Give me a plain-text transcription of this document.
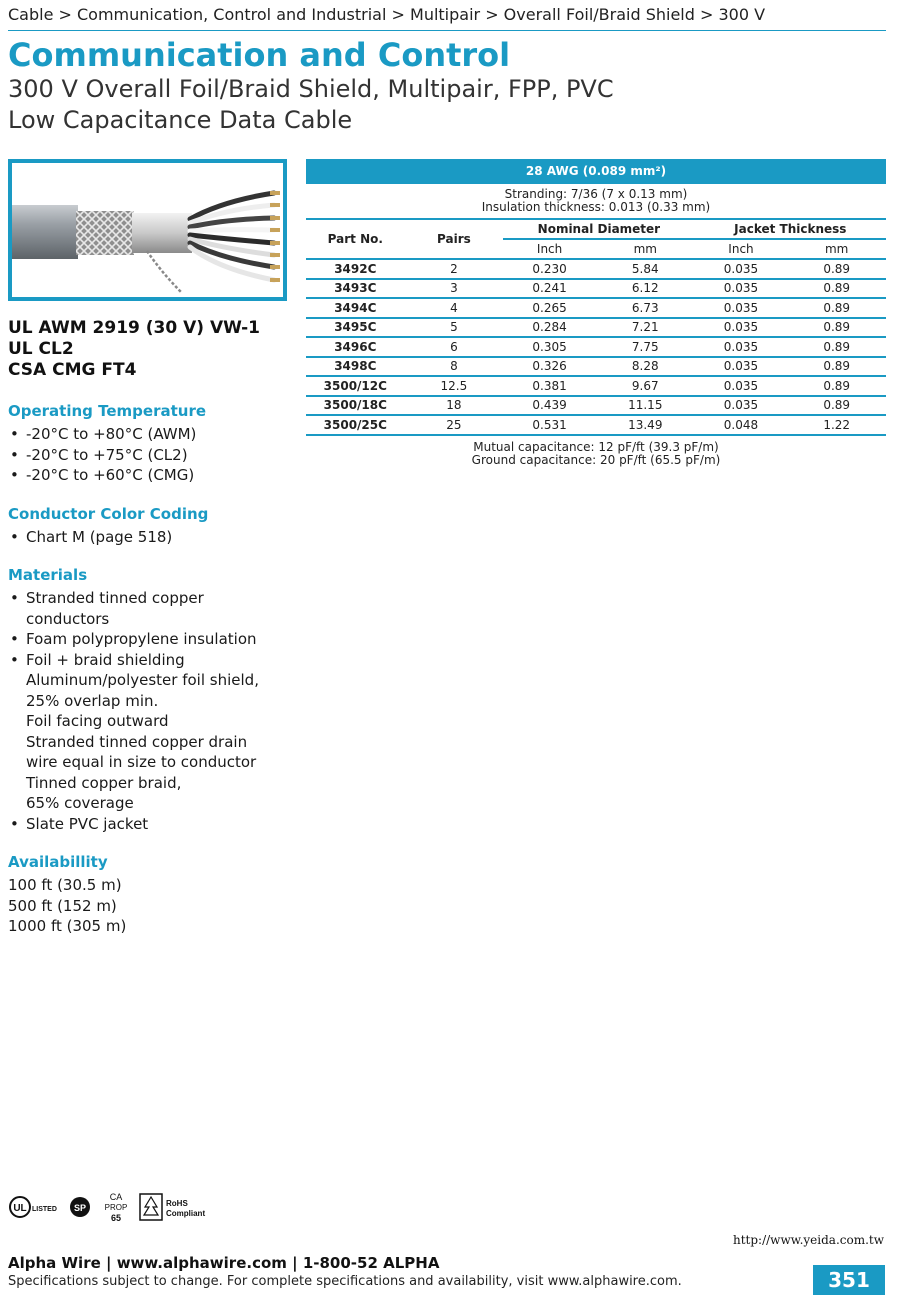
Cable > Communication, Control and Industrial > Multipair > Overall Foil/Braid Shield > 300 V
Communication and Control
300 V Overall Foil/Braid Shield, Multipair, FPP, PVC
Low Capacitance Data Cable
UL AWM 2919 (30 V) VW-1
UL CL2
CSA CMG FT4
Operating Temperature
• -20°C to +80°C (AWM)
• -20°C to +75°C (CL2)
• -20°C to +60°C (CMG)
Conductor Color Coding
• Chart M (page 518)
Materials
• Stranded tinned copper
conductors
• Foam polypropylene insulation
• Foil + braid shielding
Aluminum/polyester foil shield,
25% overlap min.
Foil facing outward
Stranded tinned copper drain
wire equal in size to conductor
Tinned copper braid,
65% coverage
• Slate PVC jacket
Availabillity
100 ft (30.5 m)
500 ft (152 m)
1000 ft (305 m)
28 AWG (0.089 mm²)
Stranding: 7/36 (7 x 0.13 mm)
Insulation thickness: 0.013 (0.33 mm)
Part No.	Pairs	Nominal Diameter		Jacket Thickness	
		Inch	mm	Inch	mm
3492C	2	0.230	5.84	0.035	0.89
3493C	3	0.241	6.12	0.035	0.89
3494C	4	0.265	6.73	0.035	0.89
3495C	5	0.284	7.21	0.035	0.89
3496C	6	0.305	7.75	0.035	0.89
3498C	8	0.326	8.28	0.035	0.89
3500/12C	12.5	0.381	9.67	0.035	0.89
3500/18C	18	0.439	11.15	0.035	0.89
3500/25C	25	0.531	13.49	0.048	1.22
Mutual capacitance: 12 pF/ft (39.3 pF/m)
Ground capacitance: 20 pF/ft (65.5 pF/m)
UL LISTED SP
CA
PROP
65
RoHS
Compliant
http://www.yeida.com.tw
Alpha Wire | www.alphawire.com | 1-800-52 ALPHA
Specifications subject to change. For complete specifications and availability, visit www.alphawire.com.	351
